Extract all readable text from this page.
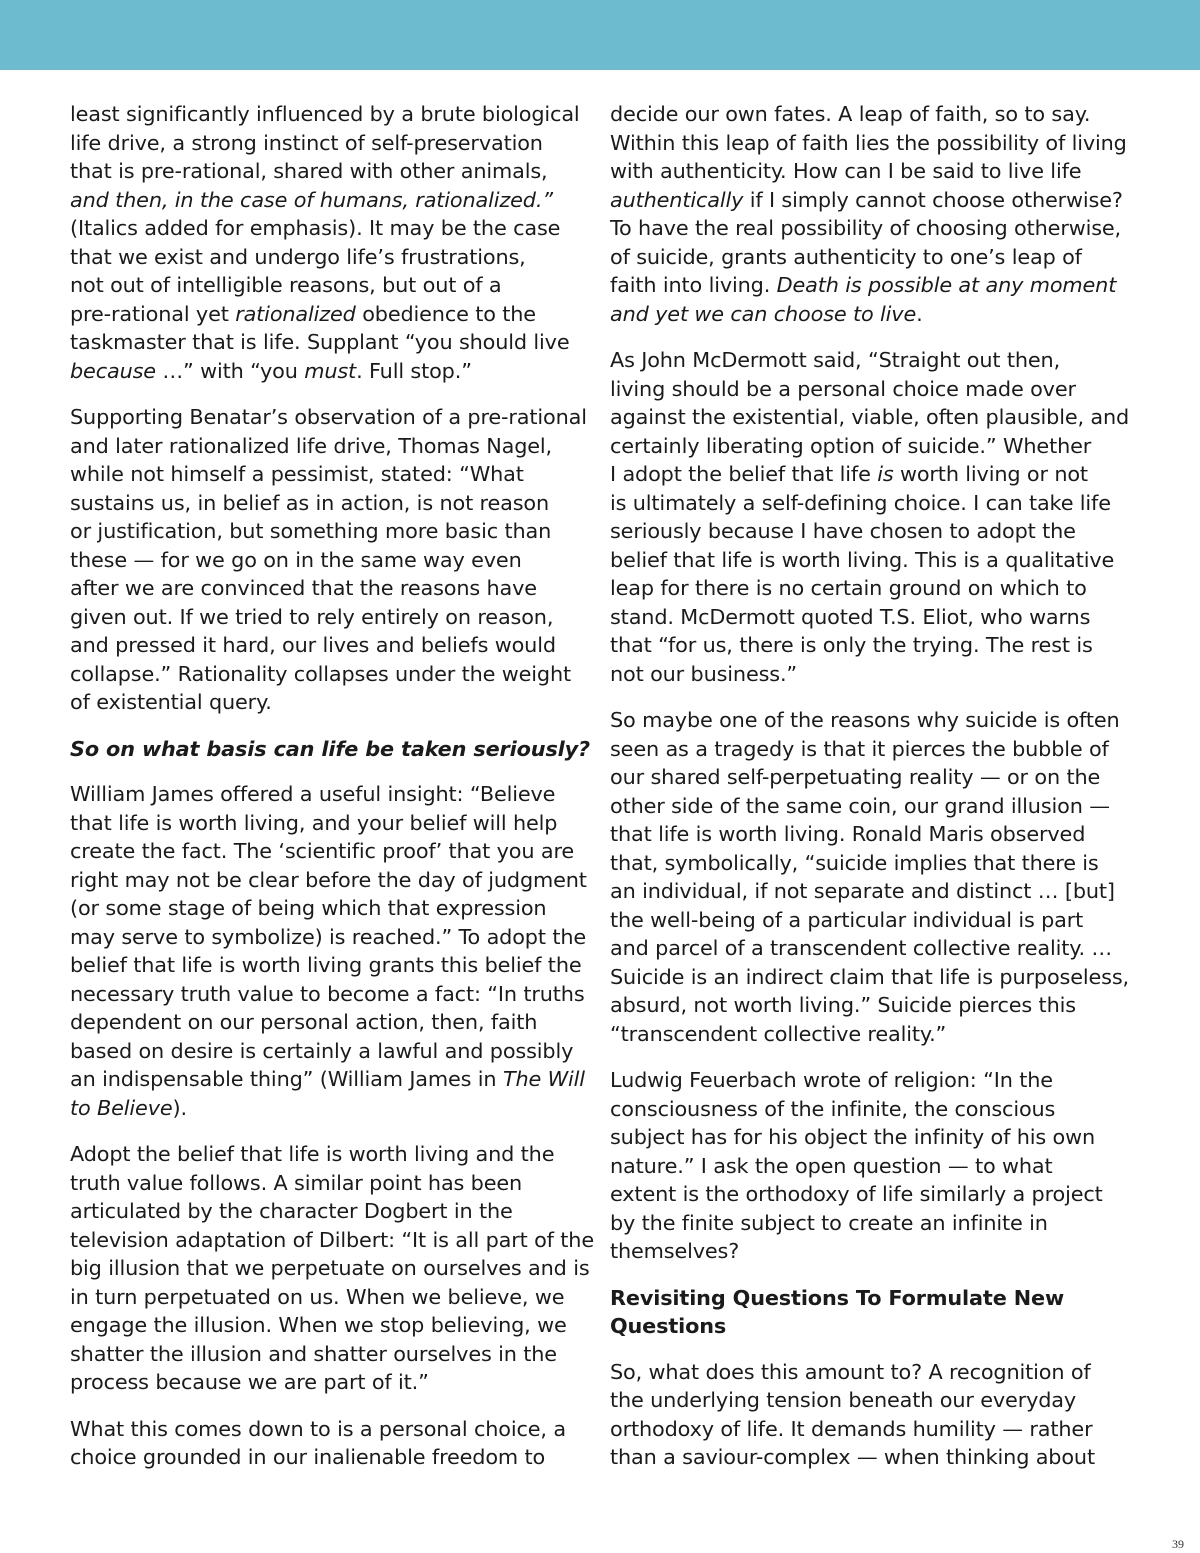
least significantly influenced by a brute biological
life drive, a strong instinct of self-preservation
that is pre-rational, shared with other animals,
and then, in the case of humans, rationalized.”
(Italics added for emphasis). It may be the case
that we exist and undergo life’s frustrations,
not out of intelligible reasons, but out of a
pre-rational yet rationalized obedience to the
taskmaster that is life. Supplant “you should live
because …” with “you must. Full stop.”

Supporting Benatar’s observation of a pre-rational
and later rationalized life drive, Thomas Nagel,
while not himself a pessimist, stated: “What
sustains us, in belief as in action, is not reason
or justification, but something more basic than
these — for we go on in the same way even
after we are convinced that the reasons have
given out. If we tried to rely entirely on reason,
and pressed it hard, our lives and beliefs would
collapse.” Rationality collapses under the weight
of existential query.

So on what basis can life be taken seriously?

William James offered a useful insight: “Believe
that life is worth living, and your belief will help
create the fact. The ‘scientific proof’ that you are
right may not be clear before the day of judgment
(or some stage of being which that expression
may serve to symbolize) is reached.” To adopt the
belief that life is worth living grants this belief the
necessary truth value to become a fact: “In truths
dependent on our personal action, then, faith
based on desire is certainly a lawful and possibly
an indispensable thing” (William James in The Will
to Believe).

Adopt the belief that life is worth living and the
truth value follows. A similar point has been
articulated by the character Dogbert in the
television adaptation of Dilbert: “It is all part of the
big illusion that we perpetuate on ourselves and is
in turn perpetuated on us. When we believe, we
engage the illusion. When we stop believing, we
shatter the illusion and shatter ourselves in the
process because we are part of it.”

What this comes down to is a personal choice, a
choice grounded in our inalienable freedom to

decide our own fates. A leap of faith, so to say.
Within this leap of faith lies the possibility of living
with authenticity. How can I be said to live life
authentically if I simply cannot choose otherwise?
To have the real possibility of choosing otherwise,
of suicide, grants authenticity to one’s leap of
faith into living. Death is possible at any moment
and yet we can choose to live.

As John McDermott said, “Straight out then,
living should be a personal choice made over
against the existential, viable, often plausible, and
certainly liberating option of suicide.” Whether
I adopt the belief that life is worth living or not
is ultimately a self-defining choice. I can take life
seriously because I have chosen to adopt the
belief that life is worth living. This is a qualitative
leap for there is no certain ground on which to
stand. McDermott quoted T.S. Eliot, who warns
that “for us, there is only the trying. The rest is
not our business.”

So maybe one of the reasons why suicide is often
seen as a tragedy is that it pierces the bubble of
our shared self-perpetuating reality — or on the
other side of the same coin, our grand illusion —
that life is worth living. Ronald Maris observed
that, symbolically, “suicide implies that there is
an individual, if not separate and distinct … [but]
the well-being of a particular individual is part
and parcel of a transcendent collective reality. …
Suicide is an indirect claim that life is purposeless,
absurd, not worth living.” Suicide pierces this
“transcendent collective reality.”

Ludwig Feuerbach wrote of religion: “In the
consciousness of the infinite, the conscious
subject has for his object the infinity of his own
nature.” I ask the open question — to what
extent is the orthodoxy of life similarly a project
by the finite subject to create an infinite in
themselves?

Revisiting Questions To Formulate New
Questions

So, what does this amount to? A recognition of
the underlying tension beneath our everyday
orthodoxy of life. It demands humility — rather
than a saviour-complex — when thinking about

39
